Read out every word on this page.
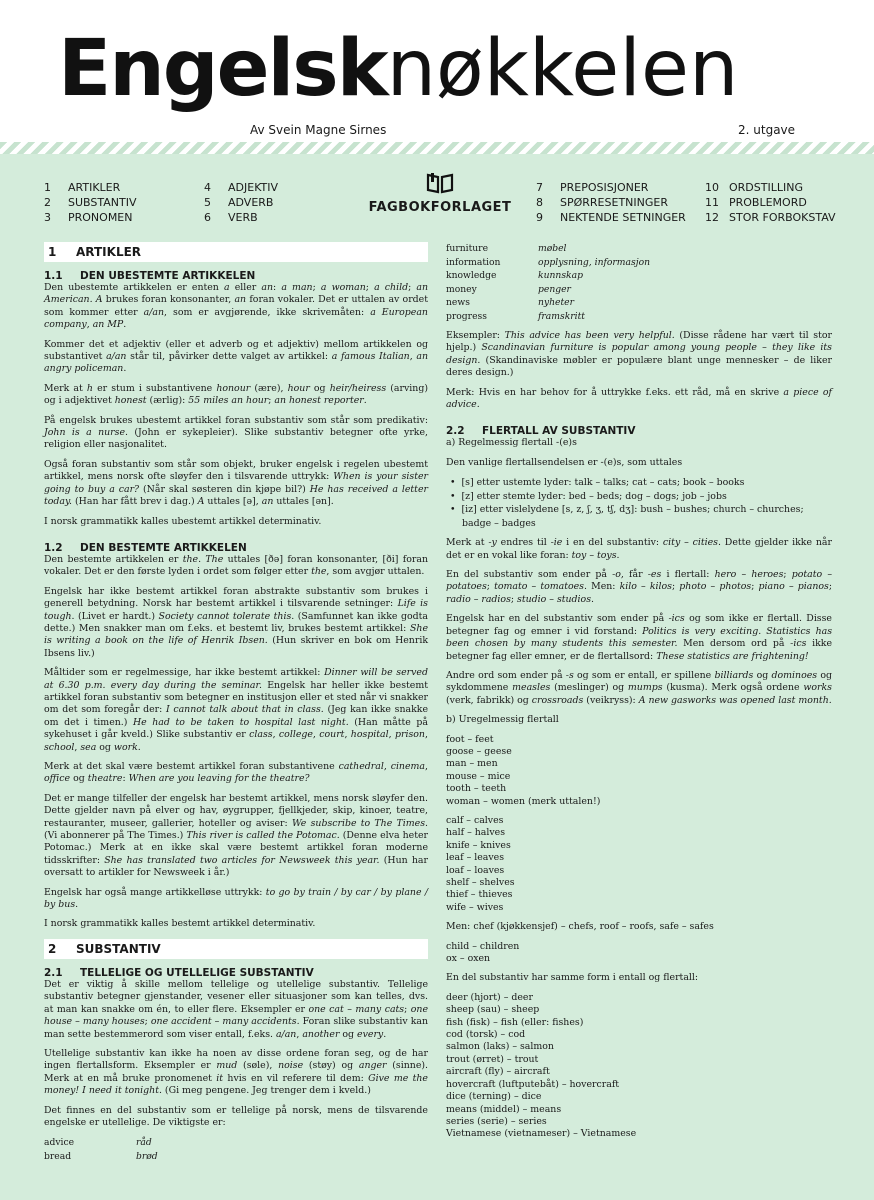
Engelsknøkkelen
Av Svein Magne Sirnes	2. utgave
1 ARTIKLER
2 SUBSTANTIV
3 PRONOMEN
4 ADJEKTIV
5 ADVERB
6 VERB
FAGBOKFORLAGET
7 PREPOSISJONER
8 SPØRRESETNINGER
9 NEKTENDE SETNINGER
10 ORDSTILLING
11 PROBLEMORD
12 STOR FORBOKSTAV
1 ARTIKLER
1.1 DEN UBESTEMTE ARTIKKELEN

Den ubestemte artikkelen er enten a eller an: a man; a woman; a child; an American. A brukes foran konsonanter, an foran vokaler. Det er uttalen av ordet som kommer etter a/an, som er avgjørende, ikke skrivemåten: a European company, an MP.

Kommer det et adjektiv (eller et adverb og et adjektiv) mellom artikkelen og substantivet a/an står til, påvirker dette valget av artikkel: a famous Italian, an angry policeman.

Merk at h er stum i substantivene honour (ære), hour og heir/heiress (arving) og i adjektivet honest (ærlig): 55 miles an hour; an honest reporter.

På engelsk brukes ubestemt artikkel foran substantiv som står som predikativ: John is a nurse. (John er sykepleier). Slike substantiv betegner ofte yrke, religion eller nasjonalitet.

Også foran substantiv som står som objekt, bruker engelsk i regelen ubestemt artikkel, mens norsk ofte sløyfer den i tilsvarende uttrykk: When is your sister going to buy a car? (Når skal søsteren din kjøpe bil?) He has received a letter today. (Han har fått brev i dag.) A uttales [ə], an uttales [ən].

I norsk grammatikk kalles ubestemt artikkel determinativ.

1.2 DEN BESTEMTE ARTIKKELEN

Den bestemte artikkelen er the. The uttales [ðə] foran konsonanter, [ði] foran vokaler. Det er den første lyden i ordet som følger etter the, som avgjør uttalen.

Engelsk har ikke bestemt artikkel foran abstrakte substantiv som brukes i generell betydning. Norsk har bestemt artikkel i tilsvarende setninger: Life is tough. (Livet er hardt.) Society cannot tolerate this. (Samfunnet kan ikke godta dette.) Men snakker man om f.eks. et bestemt liv, brukes bestemt artikkel: She is writing a book on the life of Henrik Ibsen. (Hun skriver en bok om Henrik Ibsens liv.)

Måltider som er regelmessige, har ikke bestemt artikkel: Dinner will be served at 6.30 p.m. every day during the seminar. Engelsk har heller ikke bestemt artikkel foran substantiv som betegner en institusjon eller et sted når vi snakker om det som foregår der: I cannot talk about that in class. (Jeg kan ikke snakke om det i timen.) He had to be taken to hospital last night. (Han måtte på sykehuset i går kveld.) Slike substantiv er class, college, court, hospital, prison, school, sea og work.

Merk at det skal være bestemt artikkel foran substantivene cathedral, cinema, office og theatre: When are you leaving for the theatre?

Det er mange tilfeller der engelsk har bestemt artikkel, mens norsk sløyfer den. Dette gjelder navn på elver og hav, øygrupper, fjellkjeder, skip, kinoer, teatre, restauranter, museer, gallerier, hoteller og aviser: We subscribe to The Times. (Vi abonnerer på The Times.) This river is called the Potomac. (Denne elva heter Potomac.) Merk at en ikke skal være bestemt artikkel foran moderne tidsskrifter: She has translated two articles for Newsweek this year. (Hun har oversatt to artikler for Newsweek i år.)

Engelsk har også mange artikkelløse uttrykk: to go by train / by car / by plane / by bus.

I norsk grammatikk kalles bestemt artikkel determinativ.

2 SUBSTANTIV
2.1 TELLELIGE OG UTELLELIGE SUBSTANTIV

Det er viktig å skille mellom tellelige og utellelige substantiv. Tellelige substantiv betegner gjenstander, vesener eller situasjoner som kan telles, dvs. at man kan snakke om én, to eller flere. Eksempler er one cat – many cats; one house – many houses; one accident – many accidents. Foran slike substantiv kan man sette bestemmerord som viser entall, f.eks. a/an, another og every.

Utellelige substantiv kan ikke ha noen av disse ordene foran seg, og de har ingen flertallsform. Eksempler er mud (søle), noise (støy) og anger (sinne). Merk at en må bruke pronomenet it hvis en vil referere til dem: Give me the money! I need it tonight. (Gi meg pengene. Jeg trenger dem i kveld.)

Det finnes en del substantiv som er tellelige på norsk, mens de tilsvarende engelske er utellelige. De viktigste er:

advice	råd
bread	brød
furniture	møbel
information	opplysning, informasjon
knowledge	kunnskap
money	penger
news	nyheter
progress	framskritt

Eksempler: This advice has been very helpful. (Disse rådene har vært til stor hjelp.) Scandinavian furniture is popular among young people – they like its design. (Skandinaviske møbler er populære blant unge mennesker – de liker deres design.)

Merk: Hvis en har behov for å uttrykke f.eks. ett råd, må en skrive a piece of advice.

2.2 FLERTALL AV SUBSTANTIV

a) Regelmessig flertall -(e)s

Den vanlige flertallsendelsen er -(e)s, som uttales

•  [s] etter ustemte lyder: talk – talks; cat – cats; book – books
•  [z] etter stemte lyder: bed – beds; dog – dogs; job – jobs
•  [iz] etter vislelydene [s, z, ʃ, ʒ, tʃ, dʒ]: bush – bushes; church – churches; badge – badges

Merk at -y endres til -ie i en del substantiv: city – cities. Dette gjelder ikke når det er en vokal like foran: toy – toys.

En del substantiv som ender på -o, får -es i flertall: hero – heroes; potato – potatoes; tomato – tomatoes. Men: kilo – kilos; photo – photos; piano – pianos; radio – radios; studio – studios.

Engelsk har en del substantiv som ender på -ics og som ikke er flertall. Disse betegner fag og emner i vid forstand: Politics is very exciting. Statistics has been chosen by many students this semester. Men dersom ord på -ics ikke betegner fag eller emner, er de flertallsord: These statistics are frightening!

Andre ord som ender på -s og som er entall, er spillene billiards og dominoes og sykdommene measles (meslinger) og mumps (kusma). Merk også ordene works (verk, fabrikk) og crossroads (veikryss): A new gasworks was opened last month.

b) Uregelmessig flertall

foot – feet
goose – geese
man – men
mouse – mice
tooth – teeth
woman – women (merk uttalen!)
calf – calves
half – halves
knife – knives
leaf – leaves
loaf – loaves
shelf – shelves
thief – thieves
wife – wives
Men: chef (kjøkkensjef) – chefs, roof – roofs, safe – safes
child – children
ox – oxen

En del substantiv har samme form i entall og flertall:

deer (hjort) – deer
sheep (sau) – sheep
fish (fisk) – fish (eller: fishes)
cod (torsk) – cod
salmon (laks) – salmon
trout (ørret) – trout
aircraft (fly) – aircraft
hovercraft (luftputebåt) – hovercraft
dice (terning) – dice
means (middel) – means
series (serie) – series
Vietnamese (vietnameser) – Vietnamese
